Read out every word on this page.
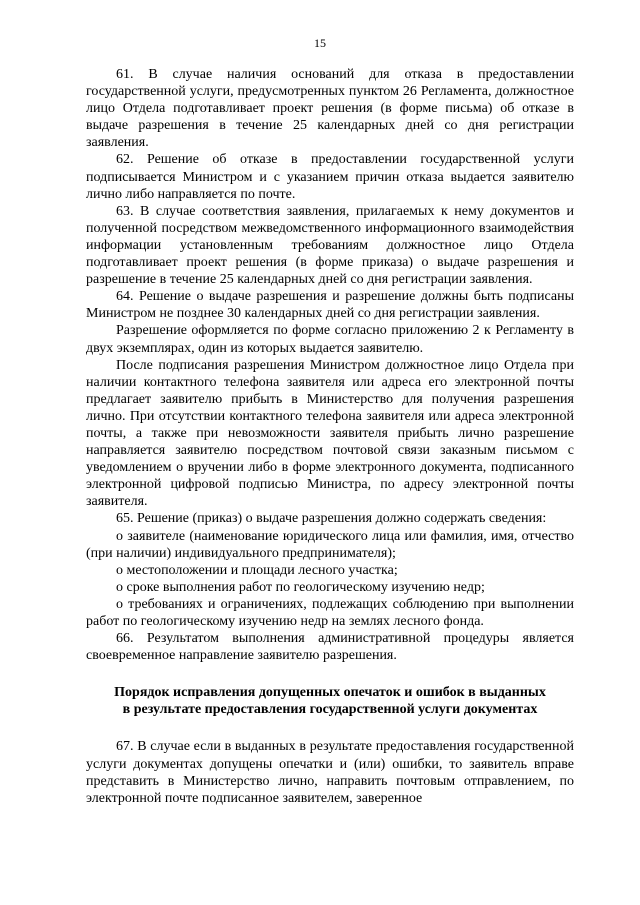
15

61. В случае наличия оснований для отказа в предоставлении государственной услуги, предусмотренных пунктом 26 Регламента, должностное лицо Отдела подготавливает проект решения (в форме письма) об отказе в выдаче разрешения в течение 25 календарных дней со дня регистрации заявления.

62. Решение об отказе в предоставлении государственной услуги подписывается Министром и с указанием причин отказа выдается заявителю лично либо направляется по почте.

63. В случае соответствия заявления, прилагаемых к нему документов и полученной посредством межведомственного информационного взаимодействия информации установленным требованиям должностное лицо Отдела подготавливает проект решения (в форме приказа) о выдаче разрешения и разрешение в течение 25 календарных дней со дня регистрации заявления.

64. Решение о выдаче разрешения и разрешение должны быть подписаны Министром не позднее 30 календарных дней со дня регистрации заявления.

Разрешение оформляется по форме согласно приложению 2 к Регламенту в двух экземплярах, один из которых выдается заявителю.

После подписания разрешения Министром должностное лицо Отдела при наличии контактного телефона заявителя или адреса его электронной почты предлагает заявителю прибыть в Министерство для получения разрешения лично. При отсутствии контактного телефона заявителя или адреса электронной почты, а также при невозможности заявителя прибыть лично разрешение направляется заявителю посредством почтовой связи заказным письмом с уведомлением о вручении либо в форме электронного документа, подписанного электронной цифровой подписью Министра, по адресу электронной почты заявителя.

65. Решение (приказ) о выдаче разрешения должно содержать сведения:

о заявителе (наименование юридического лица или фамилия, имя, отчество (при наличии) индивидуального предпринимателя);

о местоположении и площади лесного участка;

о сроке выполнения работ по геологическому изучению недр;

о требованиях и ограничениях, подлежащих соблюдению при выполнении работ по геологическому изучению недр на землях лесного фонда.

66. Результатом выполнения административной процедуры является своевременное направление заявителю разрешения.

Порядок исправления допущенных опечаток и ошибок в выданных
в результате предоставления государственной услуги документах

67. В случае если в выданных в результате предоставления государственной услуги документах допущены опечатки и (или) ошибки, то заявитель вправе представить в Министерство лично, направить почтовым отправлением, по электронной почте подписанное заявителем, заверенное
